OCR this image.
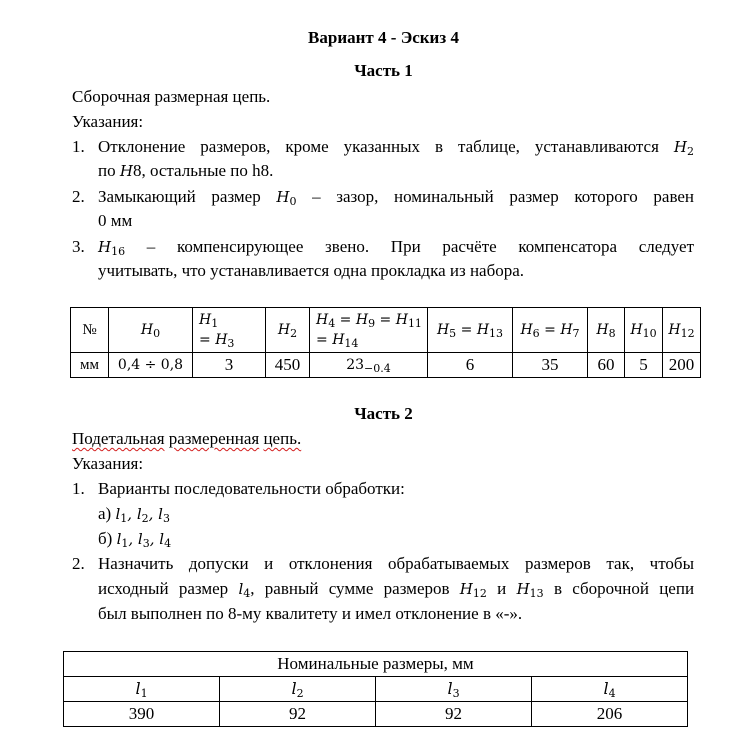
Вариант 4 - Эскиз 4
Часть 1
Сборочная размерная цепь.
Указания:
1. Отклонение размеров, кроме указанных в таблице, устанавливаются $H_2$
по H8, остальные по h8.
2. Замыкающий размер $H_0$ – зазор, номинальный размер которого равен
0 мм
3. $H_{16}$ – компенсирующее звено. При расчёте компенсатора следует
учитывать, что устанавливается одна прокладка из набора.
№	$H_0$	$H_1$
= $H_3$	$H_2$	$H_4 = H_9 = H_{11}$
= $H_{14}$	$H_5 = H_{13}$	$H_6 = H_7$	$H_8$	$H_{10}$	$H_{12}$
мм	0,4 ÷ 0,8	3	450	$23_{-0.4}$	6	35	60	5	200
Часть 2
Подетальная размеренная цепь.
Указания:
1. Варианты последовательности обработки:
а) $l_1$, $l_2$, $l_3$
б) $l_1$, $l_3$, $l_4$
2. Назначить допуски и отклонения обрабатываемых размеров так, чтобы
исходный размер $l_4$, равный сумме размеров $H_{12}$ и $H_{13}$ в сборочной цепи
был выполнен по 8-му квалитету и имел отклонение в «-».
Номинальные размеры, мм			
$l_1$	$l_2$	$l_3$	$l_4$
390	92	92	206
